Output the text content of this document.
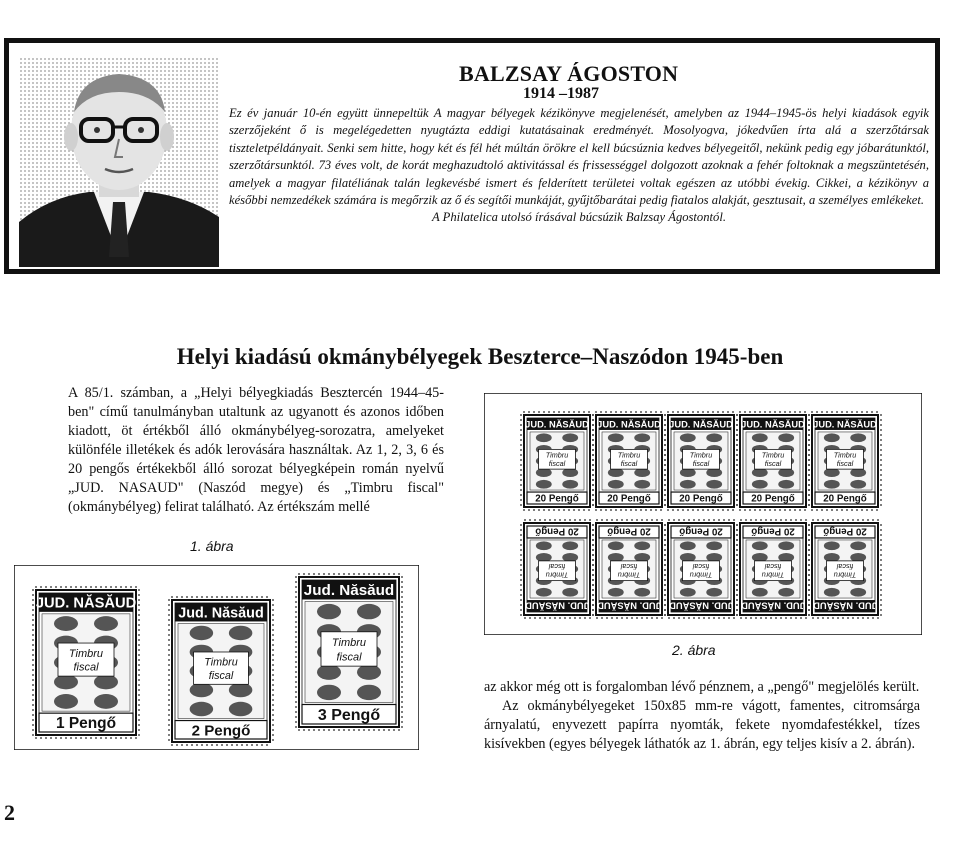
BALZSAY ÁGOSTON
1914 –1987

Ez év január 10-én együtt ünnepeltük A magyar bélyegek kézikönyve megjelenését, amelyben az 1944–1945-ös helyi kiadások egyik szerzőjeként ő is megelégedetten nyugtázta eddigi kutatásainak eredményét. Mosolyogva, jókedvűen írta alá a szerzőtársak tiszteletpéldányait. Senki sem hitte, hogy két és fél hét múltán örökre el kell búcsúznia kedves bélyegeitől, nekünk pedig egy jóbarátunktól, szerzőtársunktól. 73 éves volt, de korát meghazudtoló aktivitással és frissességgel dolgozott azoknak a fehér foltoknak a megszüntetésén, amelyek a magyar filatéliának talán legkevésbé ismert és felderített területei voltak egészen az utóbbi évekig. Cikkei, a kézikönyv a későbbi nemzedékek számára is megőrzik az ő és segítői munkáját, gyűjtőbarátai pedig fiatalos alakját, gesztusait, a személyes emlékeket.

A Philatelica utolsó írásával búcsúzik Balzsay Ágostontól.

Helyi kiadású okmánybélyegek Beszterce–Naszódon 1945-ben

A 85/1. számban, a „Helyi bélyegkiadás Besztercén 1944–45-ben" című tanulmányban utaltunk az ugyanott és azonos időben kiadott, öt értékből álló okmánybélyeg-sorozatra, amelyeket különféle illetékek és adók lerovására használtak. Az 1, 2, 3, 6 és 20 pengős értékekből álló sorozat bélyegképein román nyelvű „JUD. NASAUD" (Naszód megye) és „Timbru fiscal" (okmánybélyeg) felirat található. Az értékszám mellé

JUD. NĂSĂUD
Timbru
fiscal
20 Pengő
JUD. NĂSĂUD
Timbru
fiscal
20 Pengő
JUD. NĂSĂUD
Timbru
fiscal
20 Pengő
JUD. NĂSĂUD
Timbru
fiscal
20 Pengő
JUD. NĂSĂUD
Timbru
fiscal
20 Pengő
JUD. NĂSĂUD
Timbru
fiscal
20 Pengő
JUD. NĂSĂUD
Timbru
fiscal
20 Pengő
JUD. NĂSĂUD
Timbru
fiscal
20 Pengő
JUD. NĂSĂUD
Timbru
fiscal
20 Pengő
JUD. NĂSĂUD
Timbru
fiscal
20 Pengő
2. ábra
1. ábra
JUD. NĂSĂUD
Timbru
fiscal
1 Pengő
Jud. Năsăud
Timbru
fiscal
2 Pengő
Jud. Năsăud
Timbru
fiscal
3 Pengő

az akkor még ott is forgalomban lévő pénznem, a „pengő" megjelölés került.

Az okmánybélyegeket 150x85 mm-re vágott, famentes, citromsárga árnyalatú, enyvezett papírra nyomták, fekete nyomdafestékkel, tízes kisívekben (egyes bélyegek láthatók az 1. ábrán, egy teljes kisív a 2. ábrán).

2
